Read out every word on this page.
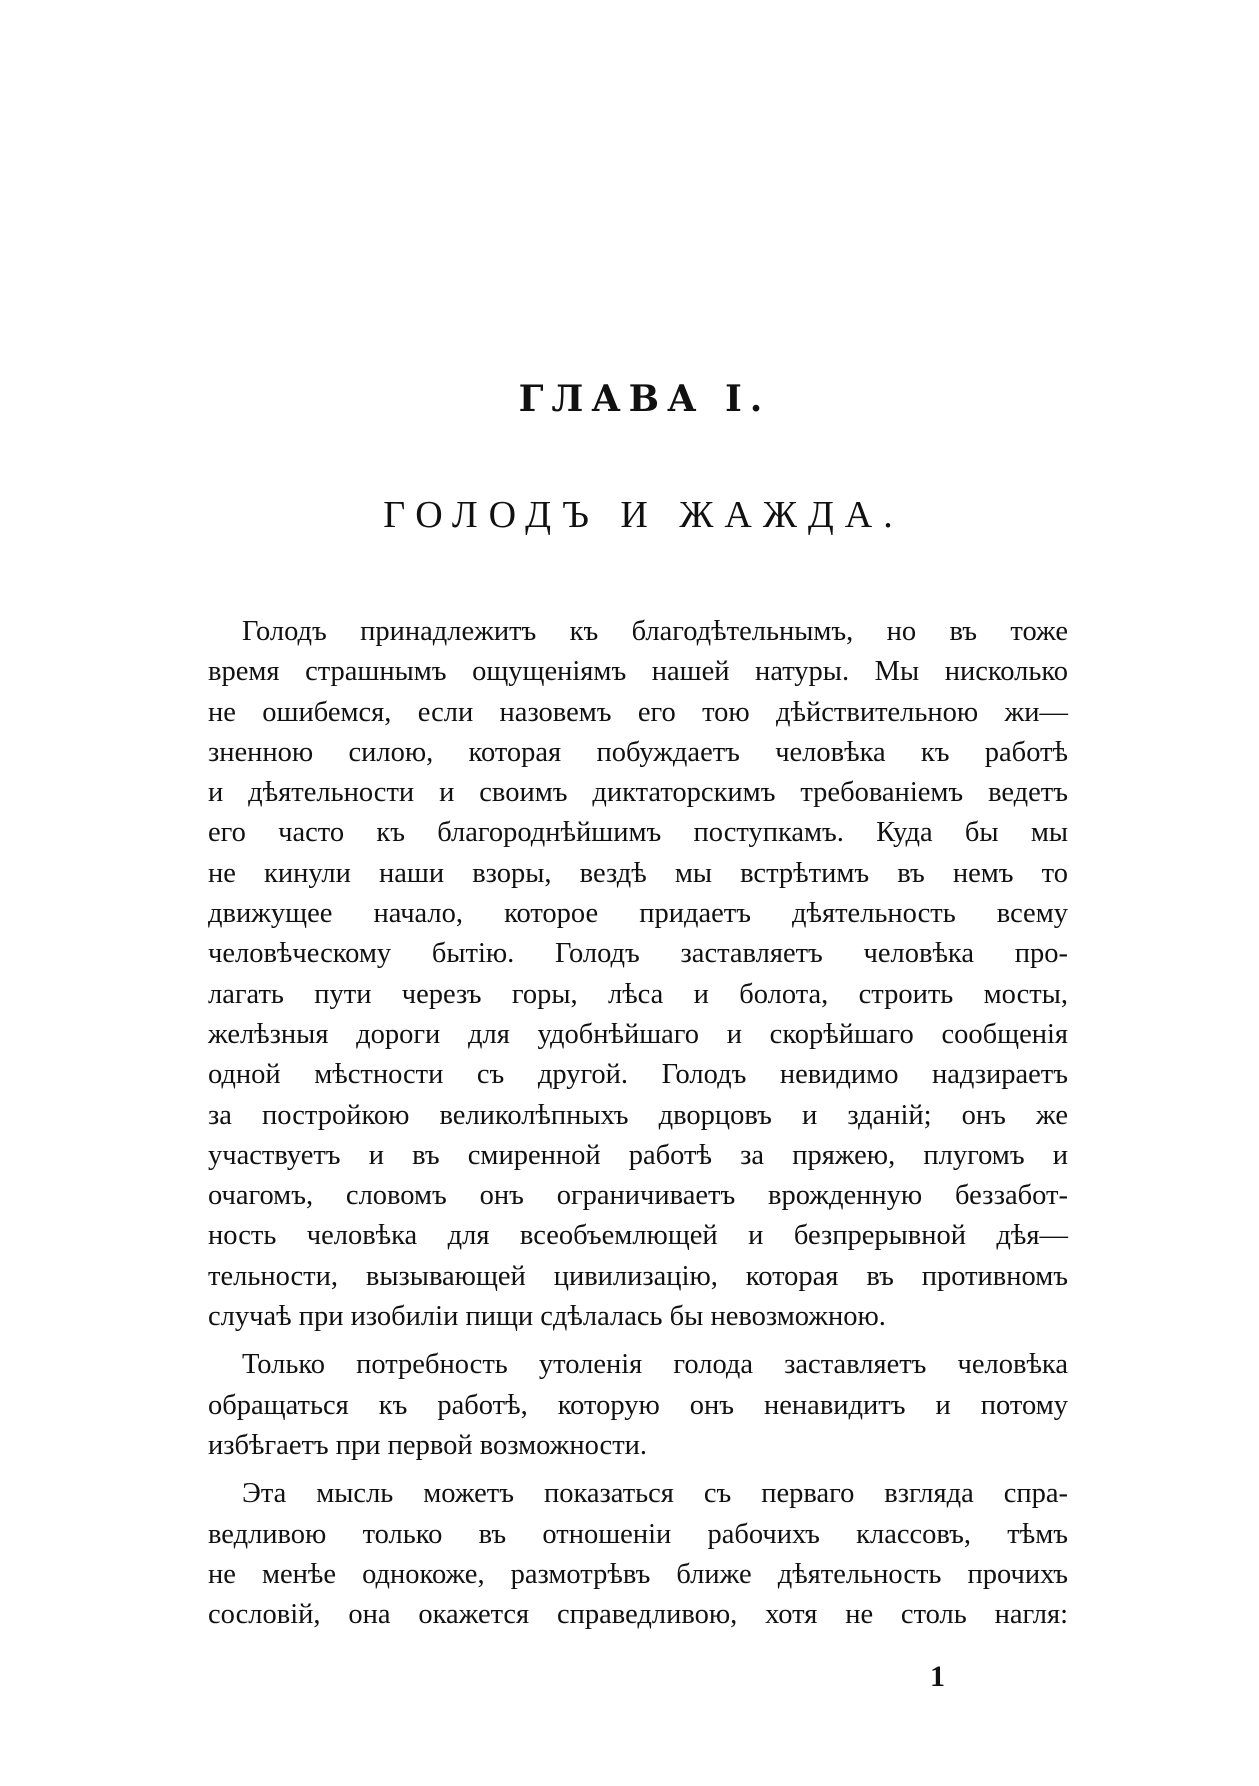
ГЛАВА I.
ГОЛОДЪ И ЖАЖДА.
Голодъ принадлежитъ къ благодѣтельнымъ, но въ тоже
время страшнымъ ощущеніямъ нашей натуры. Мы нисколько
не ошибемся, если назовемъ его тою дѣйствительною жи—
зненною силою, которая побуждаетъ человѣка къ работѣ
и дѣятельности и своимъ диктаторскимъ требованіемъ ведетъ
его часто къ благороднѣйшимъ поступкамъ. Куда бы мы
не кинули наши взоры, вездѣ мы встрѣтимъ въ немъ то
движущее начало, которое придаетъ дѣятельность всему
человѣческому бытію. Голодъ заставляетъ человѣка про-
лагать пути черезъ горы, лѣса и болота, строить мосты,
желѣзныя дороги для удобнѣйшаго и скорѣйшаго сообщенія
одной мѣстности съ другой. Голодъ невидимо надзираетъ
за постройкою великолѣпныхъ дворцовъ и зданій; онъ же
участвуетъ и въ смиренной работѣ за пряжею, плугомъ и
очагомъ, словомъ онъ ограничиваетъ врожденную беззабот-
ность человѣка для всеобъемлющей и безпрерывной дѣя—
тельности, вызывающей цивилизацію, которая въ противномъ
случаѣ при изобиліи пищи сдѣлалась бы невозможною.
Только потребность утоленія голода заставляетъ человѣка
обращаться къ работѣ, которую онъ ненавидитъ и потому
избѣгаетъ при первой возможности.
Эта мысль можетъ показаться съ перваго взгляда спра-
ведливою только въ отношеніи рабочихъ классовъ, тѣмъ
не менѣе однокоже, размотрѣвъ ближе дѣятельность прочихъ
сословій, она окажется справедливою, хотя не столь нагля:
1
